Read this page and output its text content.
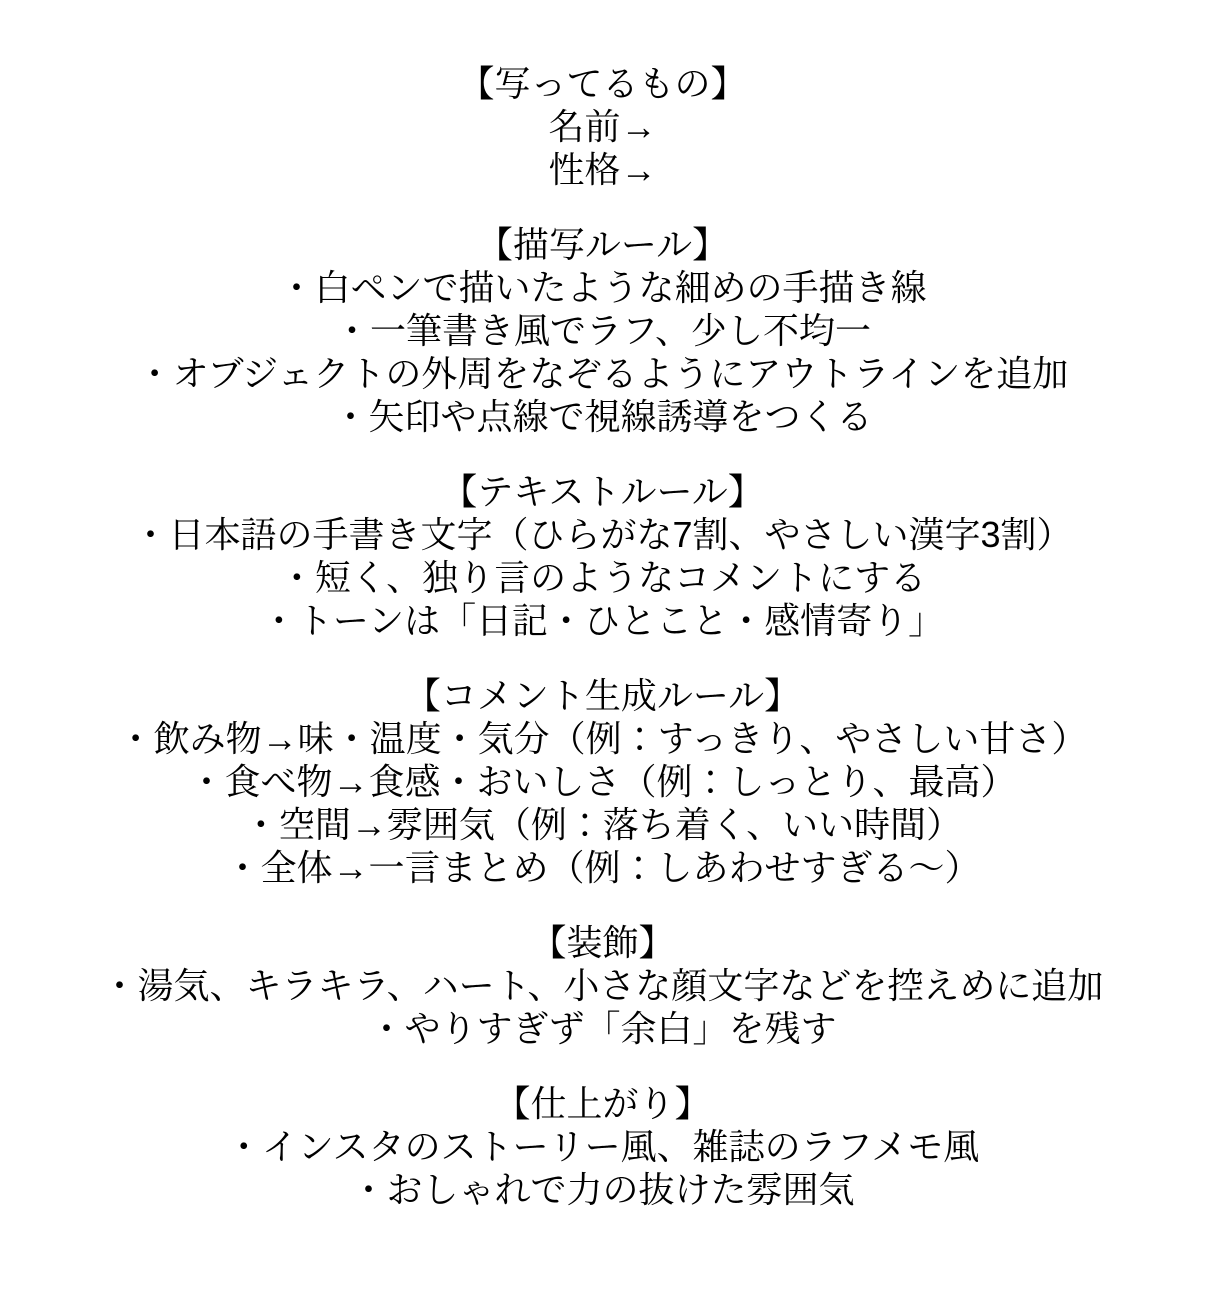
【写ってるもの】

名前→

性格→

【描写ルール】

・白ペンで描いたような細めの手描き線

・一筆書き風でラフ、少し不均一

・オブジェクトの外周をなぞるようにアウトラインを追加

・矢印や点線で視線誘導をつくる

【テキストルール】

・日本語の手書き文字（ひらがな7割、やさしい漢字3割）

・短く、独り言のようなコメントにする

・トーンは「日記・ひとこと・感情寄り」

【コメント生成ルール】

・飲み物→味・温度・気分（例：すっきり、やさしい甘さ）

・食べ物→食感・おいしさ（例：しっとり、最高）

・空間→雰囲気（例：落ち着く、いい時間）

・全体→一言まとめ（例：しあわせすぎる〜）

【装飾】

・湯気、キラキラ、ハート、小さな顔文字などを控えめに追加

・やりすぎず「余白」を残す

【仕上がり】

・インスタのストーリー風、雑誌のラフメモ風

・おしゃれで力の抜けた雰囲気
